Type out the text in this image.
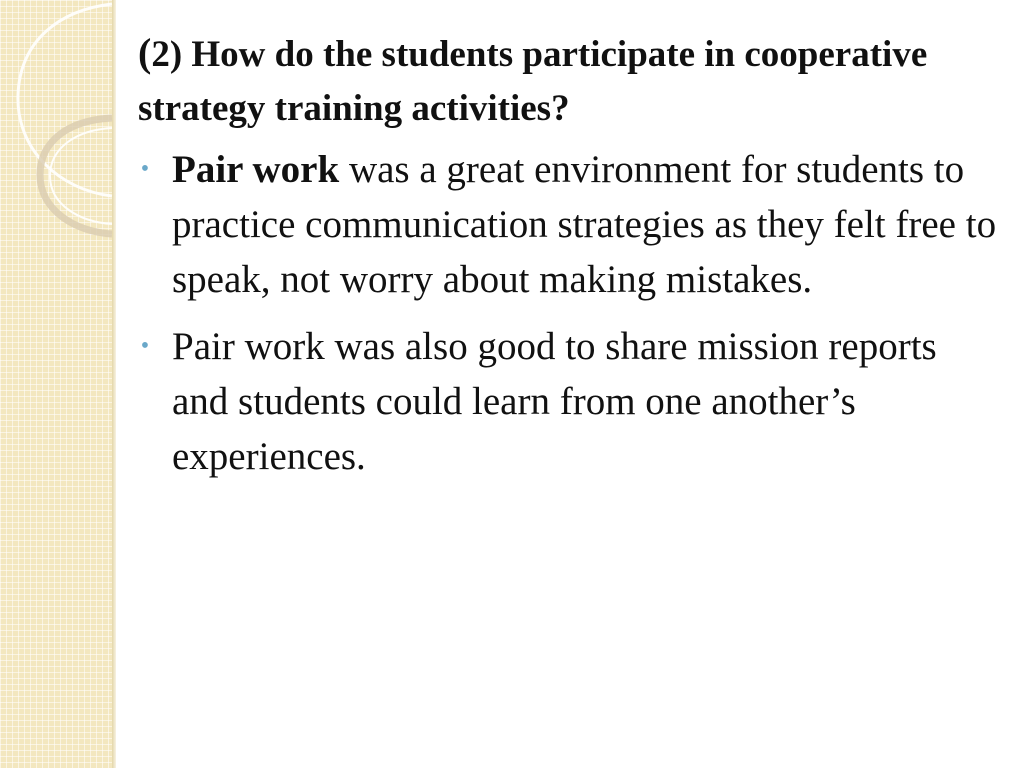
(2) How do the students participate in cooperative strategy training activities?
• Pair work was a great environment for students to practice communication strategies as they felt free to speak, not worry about making mistakes.
• Pair work was also good to share mission reports and students could learn from one another’s experiences.
